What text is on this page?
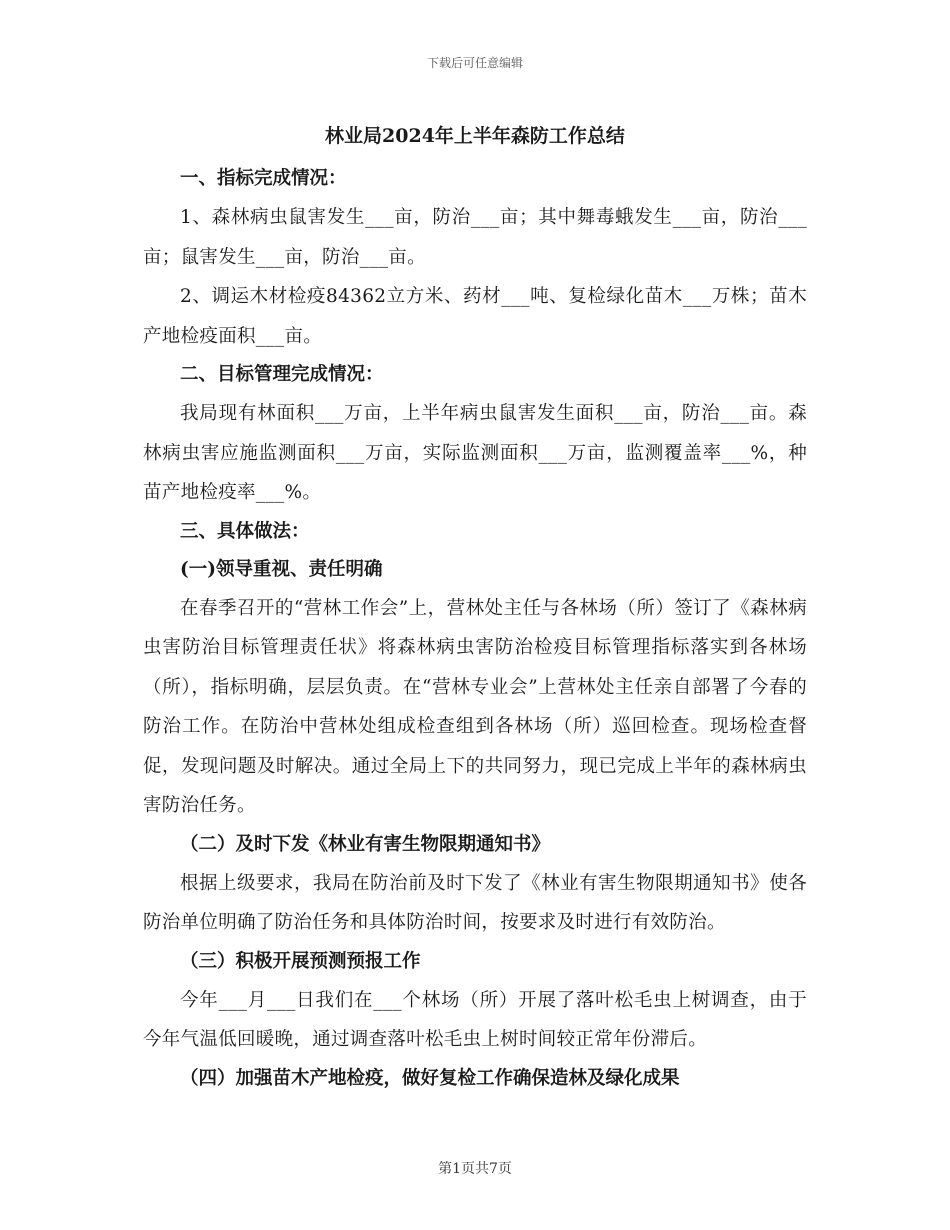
下载后可任意编辑
林业局2024年上半年森防工作总结

一、指标完成情况：

1、森林病虫鼠害发生___亩，防治___亩；其中舞毒蛾发生___亩，防治___亩；鼠害发生___亩，防治___亩。

2、调运木材检疫84362立方米、药材___吨、复检绿化苗木___万株；苗木产地检疫面积___亩。

二、目标管理完成情况：

我局现有林面积___万亩，上半年病虫鼠害发生面积___亩，防治___亩。森林病虫害应施监测面积___万亩，实际监测面积___万亩，监测覆盖率___%，种苗产地检疫率___%。

三、具体做法：

(一)领导重视、责任明确

在春季召开的“营林工作会”上，营林处主任与各林场（所）签订了《森林病虫害防治目标管理责任状》将森林病虫害防治检疫目标管理指标落实到各林场（所），指标明确，层层负责。在“营林专业会”上营林处主任亲自部署了今春的防治工作。在防治中营林处组成检查组到各林场（所）巡回检查。现场检查督促，发现问题及时解决。通过全局上下的共同努力，现已完成上半年的森林病虫害防治任务。

（二）及时下发《林业有害生物限期通知书》

根据上级要求，我局在防治前及时下发了《林业有害生物限期通知书》使各防治单位明确了防治任务和具体防治时间，按要求及时进行有效防治。

（三）积极开展预测预报工作

今年___月___日我们在___个林场（所）开展了落叶松毛虫上树调查，由于今年气温低回暖晚，通过调查落叶松毛虫上树时间较正常年份滞后。

（四）加强苗木产地检疫，做好复检工作确保造林及绿化成果

第1页共7页
